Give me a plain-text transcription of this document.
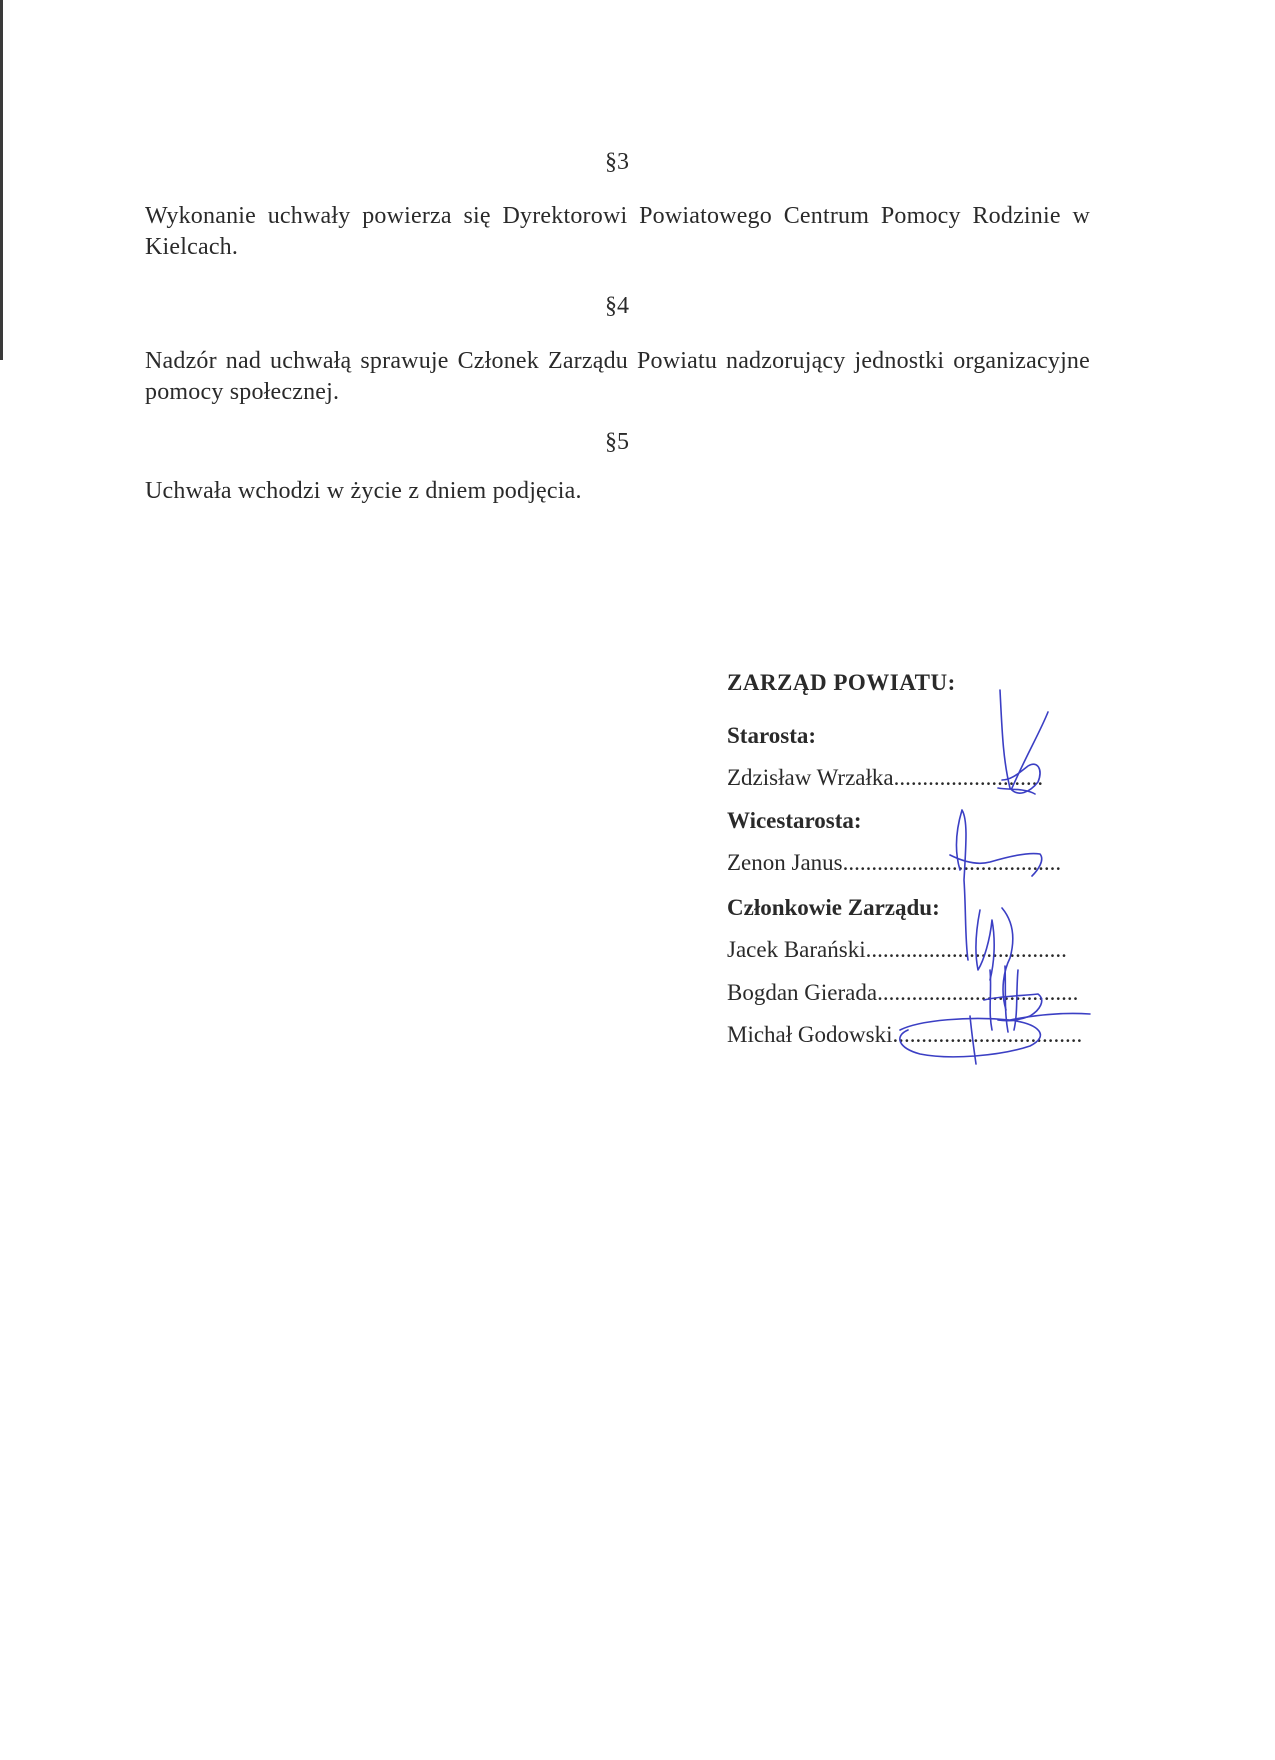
§3

Wykonanie uchwały powierza się Dyrektorowi Powiatowego Centrum Pomocy Rodzinie w Kielcach.

§4

Nadzór nad uchwałą sprawuje Członek Zarządu Powiatu nadzorujący jednostki organizacyjne pomocy społecznej.

§5

Uchwała wchodzi w życie z dniem podjęcia.

ZARZĄD POWIATU:
Starosta:
Zdzisław Wrzałka..........................
Wicestarosta:
Zenon Janus......................................
Członkowie Zarządu:
Jacek Barański...................................
Bogdan Gierada...................................
Michał Godowski.................................
